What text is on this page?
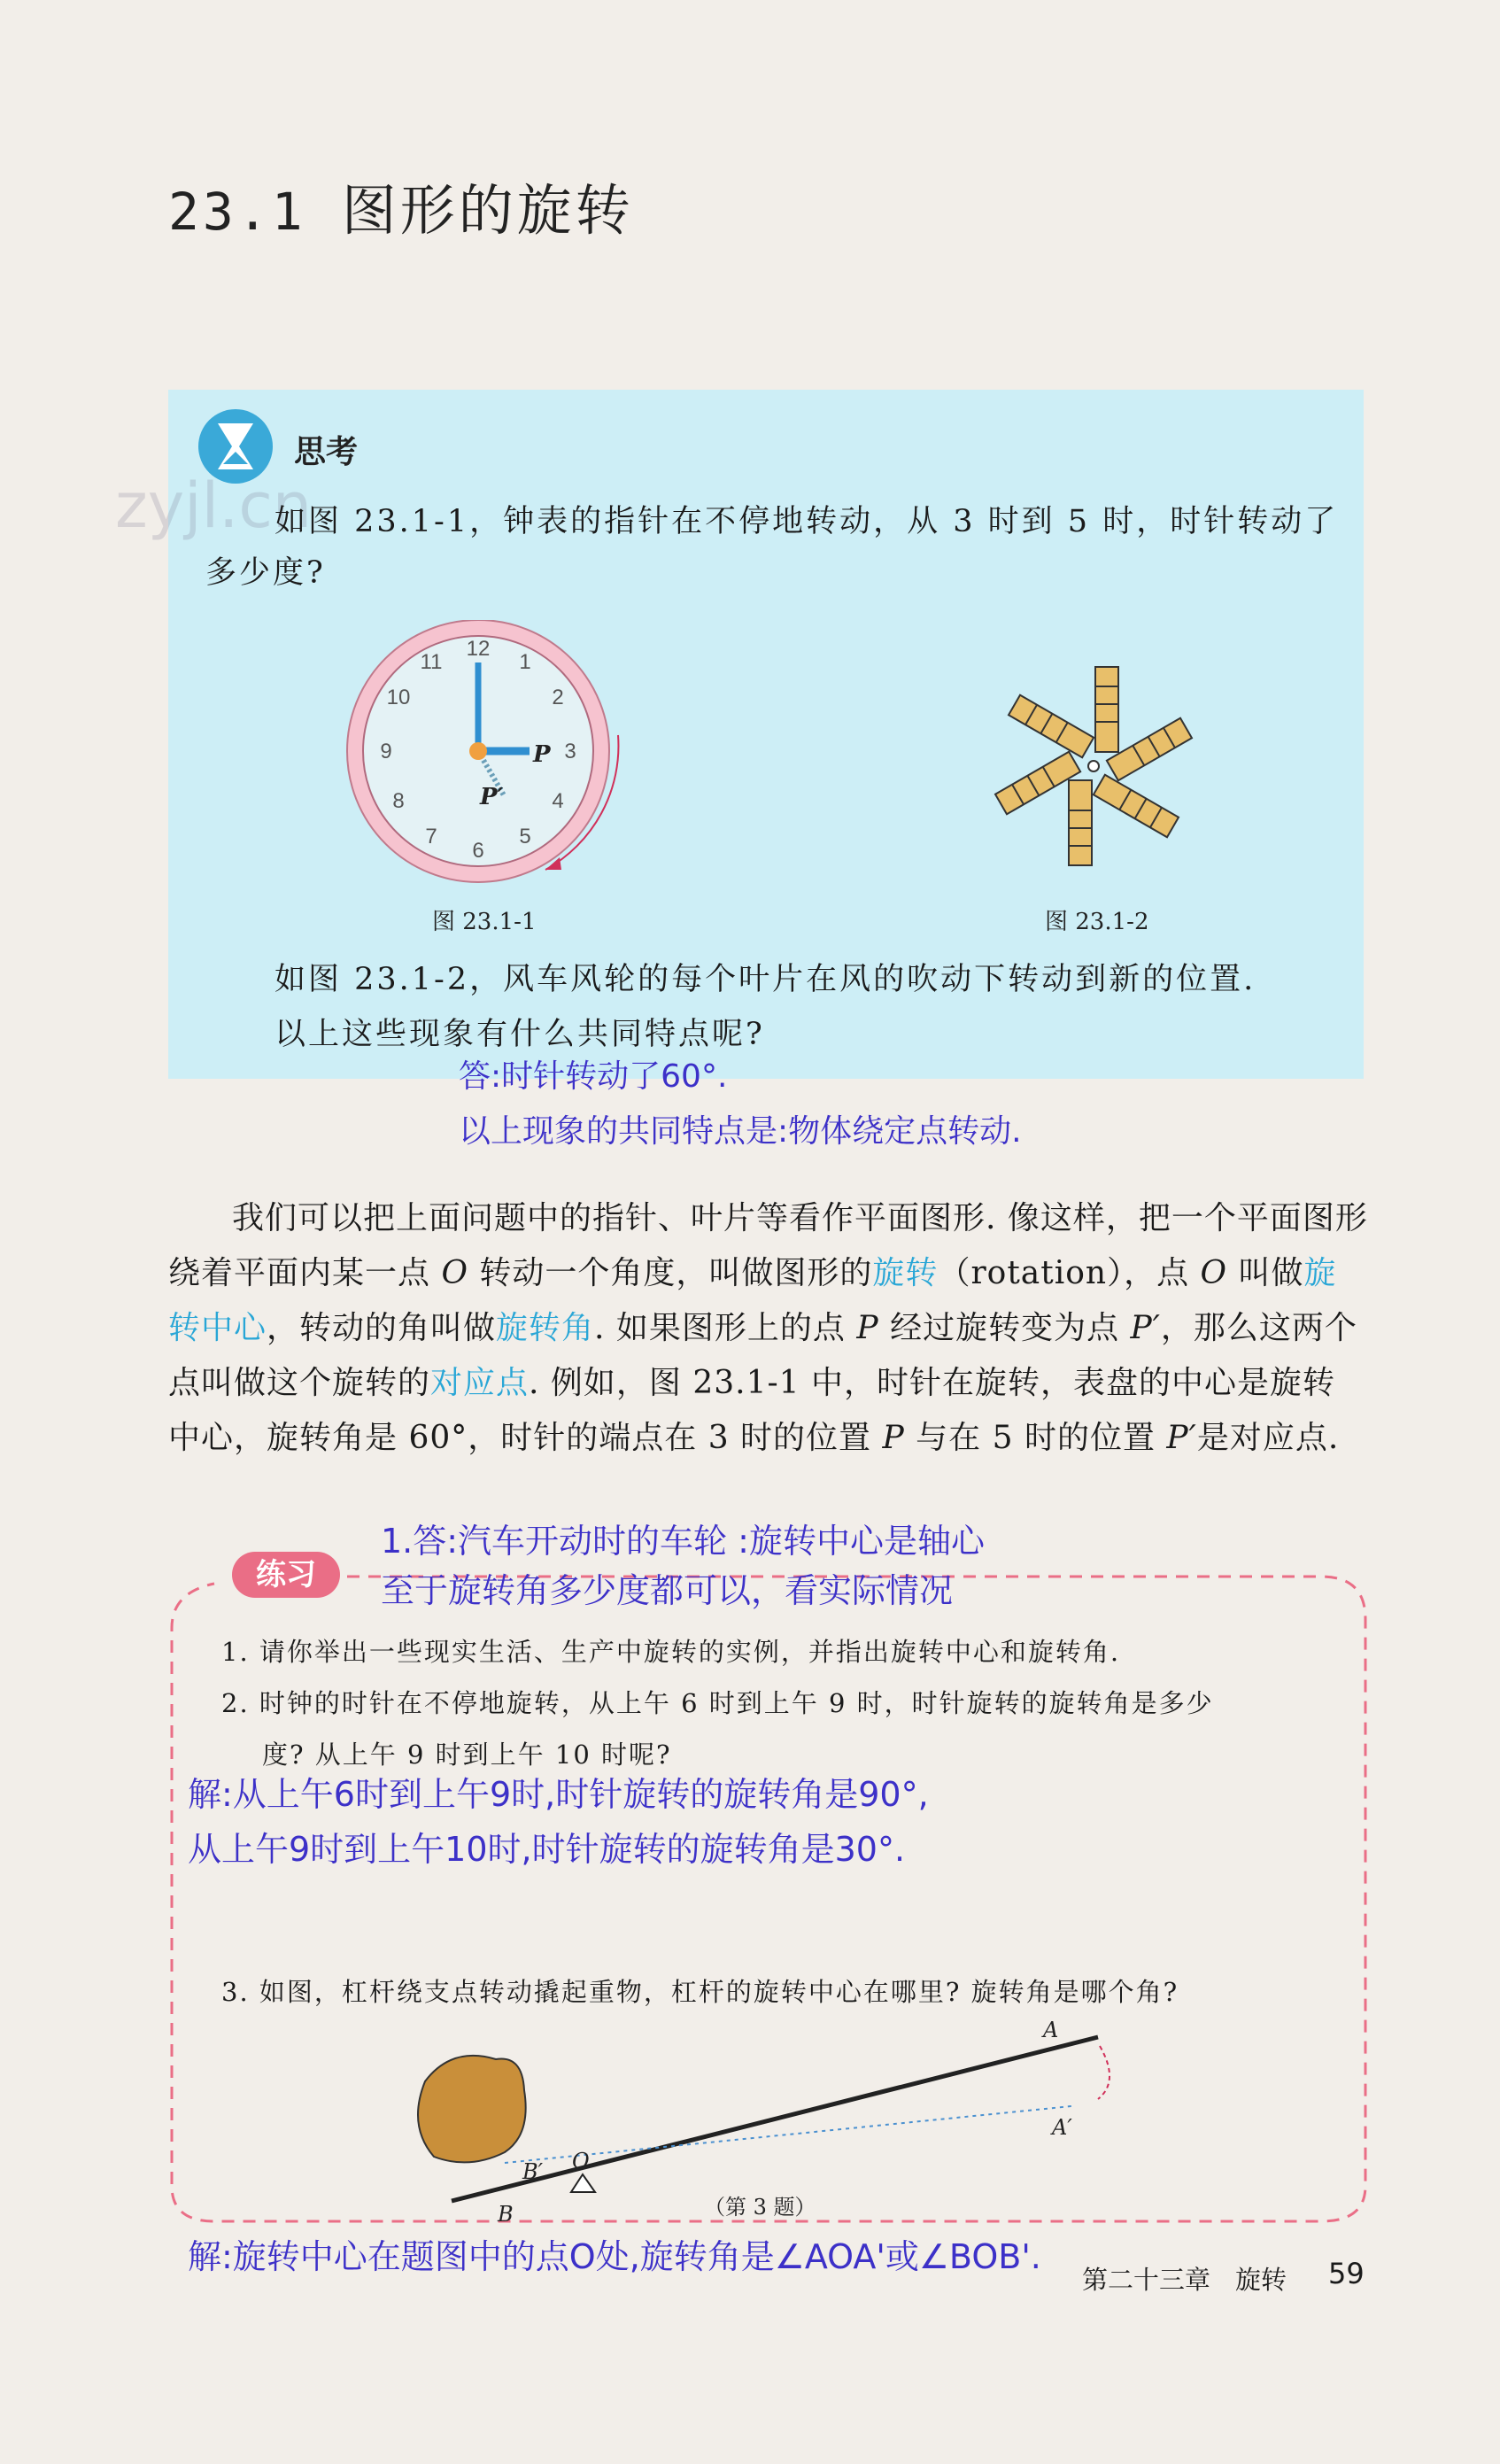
23.1 图形的旋转
思考
zyjl.cn
如图 23.1-1，钟表的指针在不停地转动，从 3 时到 5 时，时针转动了
多少度?
12
1
2
3
4
5
6
7
8
9
10
11
P
P′
图 23.1-1	图 23.1-2
如图 23.1-2，风车风轮的每个叶片在风的吹动下转动到新的位置.
以上这些现象有什么共同特点呢?
答:时针转动了60°.
以上现象的共同特点是:物体绕定点转动.

我们可以把上面问题中的指针、叶片等看作平面图形. 像这样，把一个平面图形绕着平面内某一点 O 转动一个角度，叫做图形的旋转（rotation），点 O 叫做旋转中心，转动的角叫做旋转角. 如果图形上的点 P 经过旋转变为点 P′，那么这两个点叫做这个旋转的对应点. 例如，图 23.1-1 中，时针在旋转，表盘的中心是旋转中心，旋转角是 60°，时针的端点在 3 时的位置 P 与在 5 时的位置 P′是对应点.

练习
1.答:汽车开动时的车轮 :旋转中心是轴心
至于旋转角多少度都可以，看实际情况
1. 请你举出一些现实生活、生产中旋转的实例，并指出旋转中心和旋转角.
2. 时钟的时针在不停地旋转，从上午 6 时到上午 9 时，时针旋转的旋转角是多少
度? 从上午 9 时到上午 10 时呢?
解:从上午6时到上午9时,时针旋转的旋转角是90°,
从上午9时到上午10时,时针旋转的旋转角是30°.
3. 如图，杠杆绕支点转动撬起重物，杠杆的旋转中心在哪里? 旋转角是哪个角?
A
A′
B
B′ O
（第 3 题）
解:旋转中心在题图中的点O处,旋转角是∠AOA'或∠BOB'.
第二十三章 旋转	59
